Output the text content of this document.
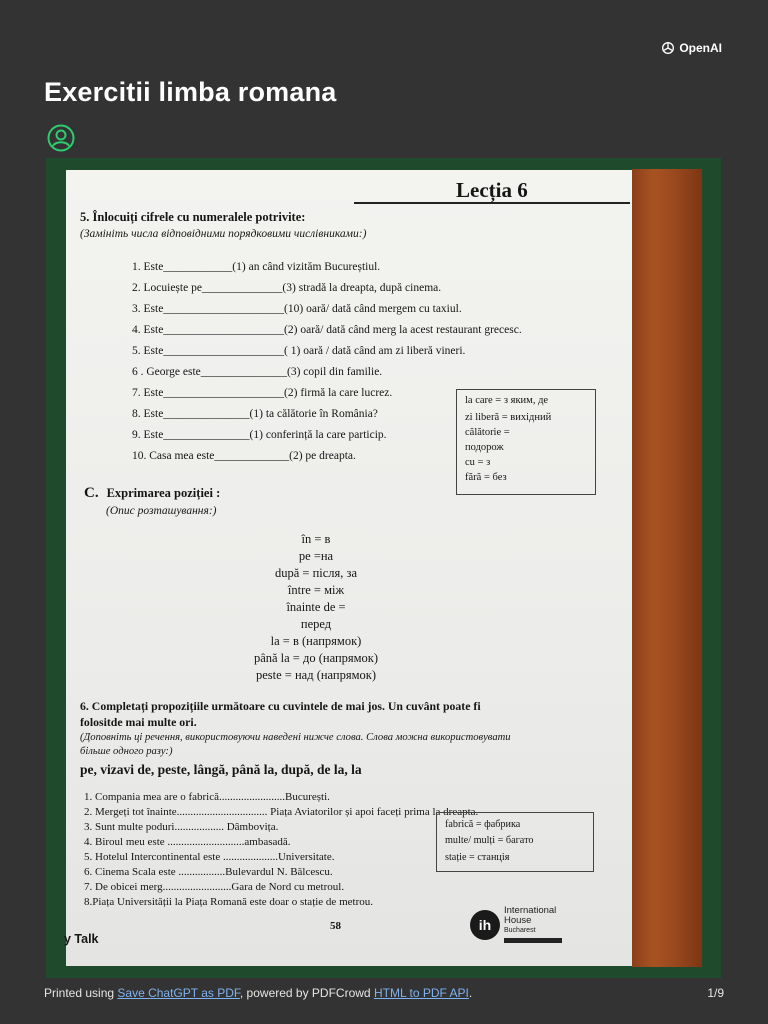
OpenAI
Exercitii limba romana
Lecția 6
5. Înlocuiți cifrele cu numeralele potrivite:
(Замініть числа відповідними порядковими числівниками:)
1. Este____________(1) an când vizităm Bucureștiul.
2. Locuiește pe______________(3) stradă la dreapta, după cinema.
3. Este_____________________(10) oară/ dată când mergem cu taxiul.
4. Este_____________________(2) oară/ dată când merg la acest restaurant grecesc.
5. Este_____________________( 1) oară / dată când am zi liberă vineri.
6 . George este_______________(3) copil din familie.
7. Este_____________________(2) firmă la care lucrez.
8. Este_______________(1) ta călătorie în România?
9. Este_______________(1) conferință la care particip.
10. Casa mea este_____________(2) pe dreapta.
la care = з яким, де
zi liberă = вихідний
călătorie =
подорож
cu = з
fără = без
C. Exprimarea poziției :
(Опис розташування:)
în = в
pe =на
după = після, за
între = між
înainte de =
перед
la = в (напрямок)
până la = до (напрямок)
peste = над (напрямок)
6. Completați propozițiile următoare cu cuvintele de mai jos. Un cuvânt poate fi
folositde mai multe ori.
(Доповніть ці речення, використовуючи наведені нижче слова. Слова можна використовувати
більше одного разу:)
pe, vizavi de, peste, lângă, până la, după, de la, la
1. Compania mea are o fabrică........................București.
2. Mergeți tot înainte................................. Piața Aviatorilor și apoi faceți prima la dreapta.
3. Sunt multe poduri.................. Dâmbovița.
4. Biroul meu este ............................ambasadă.
5. Hotelul Intercontinental este ....................Universitate.
6. Cinema Scala este .................Bulevardul N. Bălcescu.
7. De obicei merg.........................Gara de Nord cu metroul.
8.Piața Universității la Piața Romană este doar o stație de metrou.
fabrică = фабрика
multe/ mulți = багато
stație = станція
58
y Talk
ih
International
House
Bucharest
Printed using Save ChatGPT as PDF, powered by PDFCrowd HTML to PDF API.	1/9
